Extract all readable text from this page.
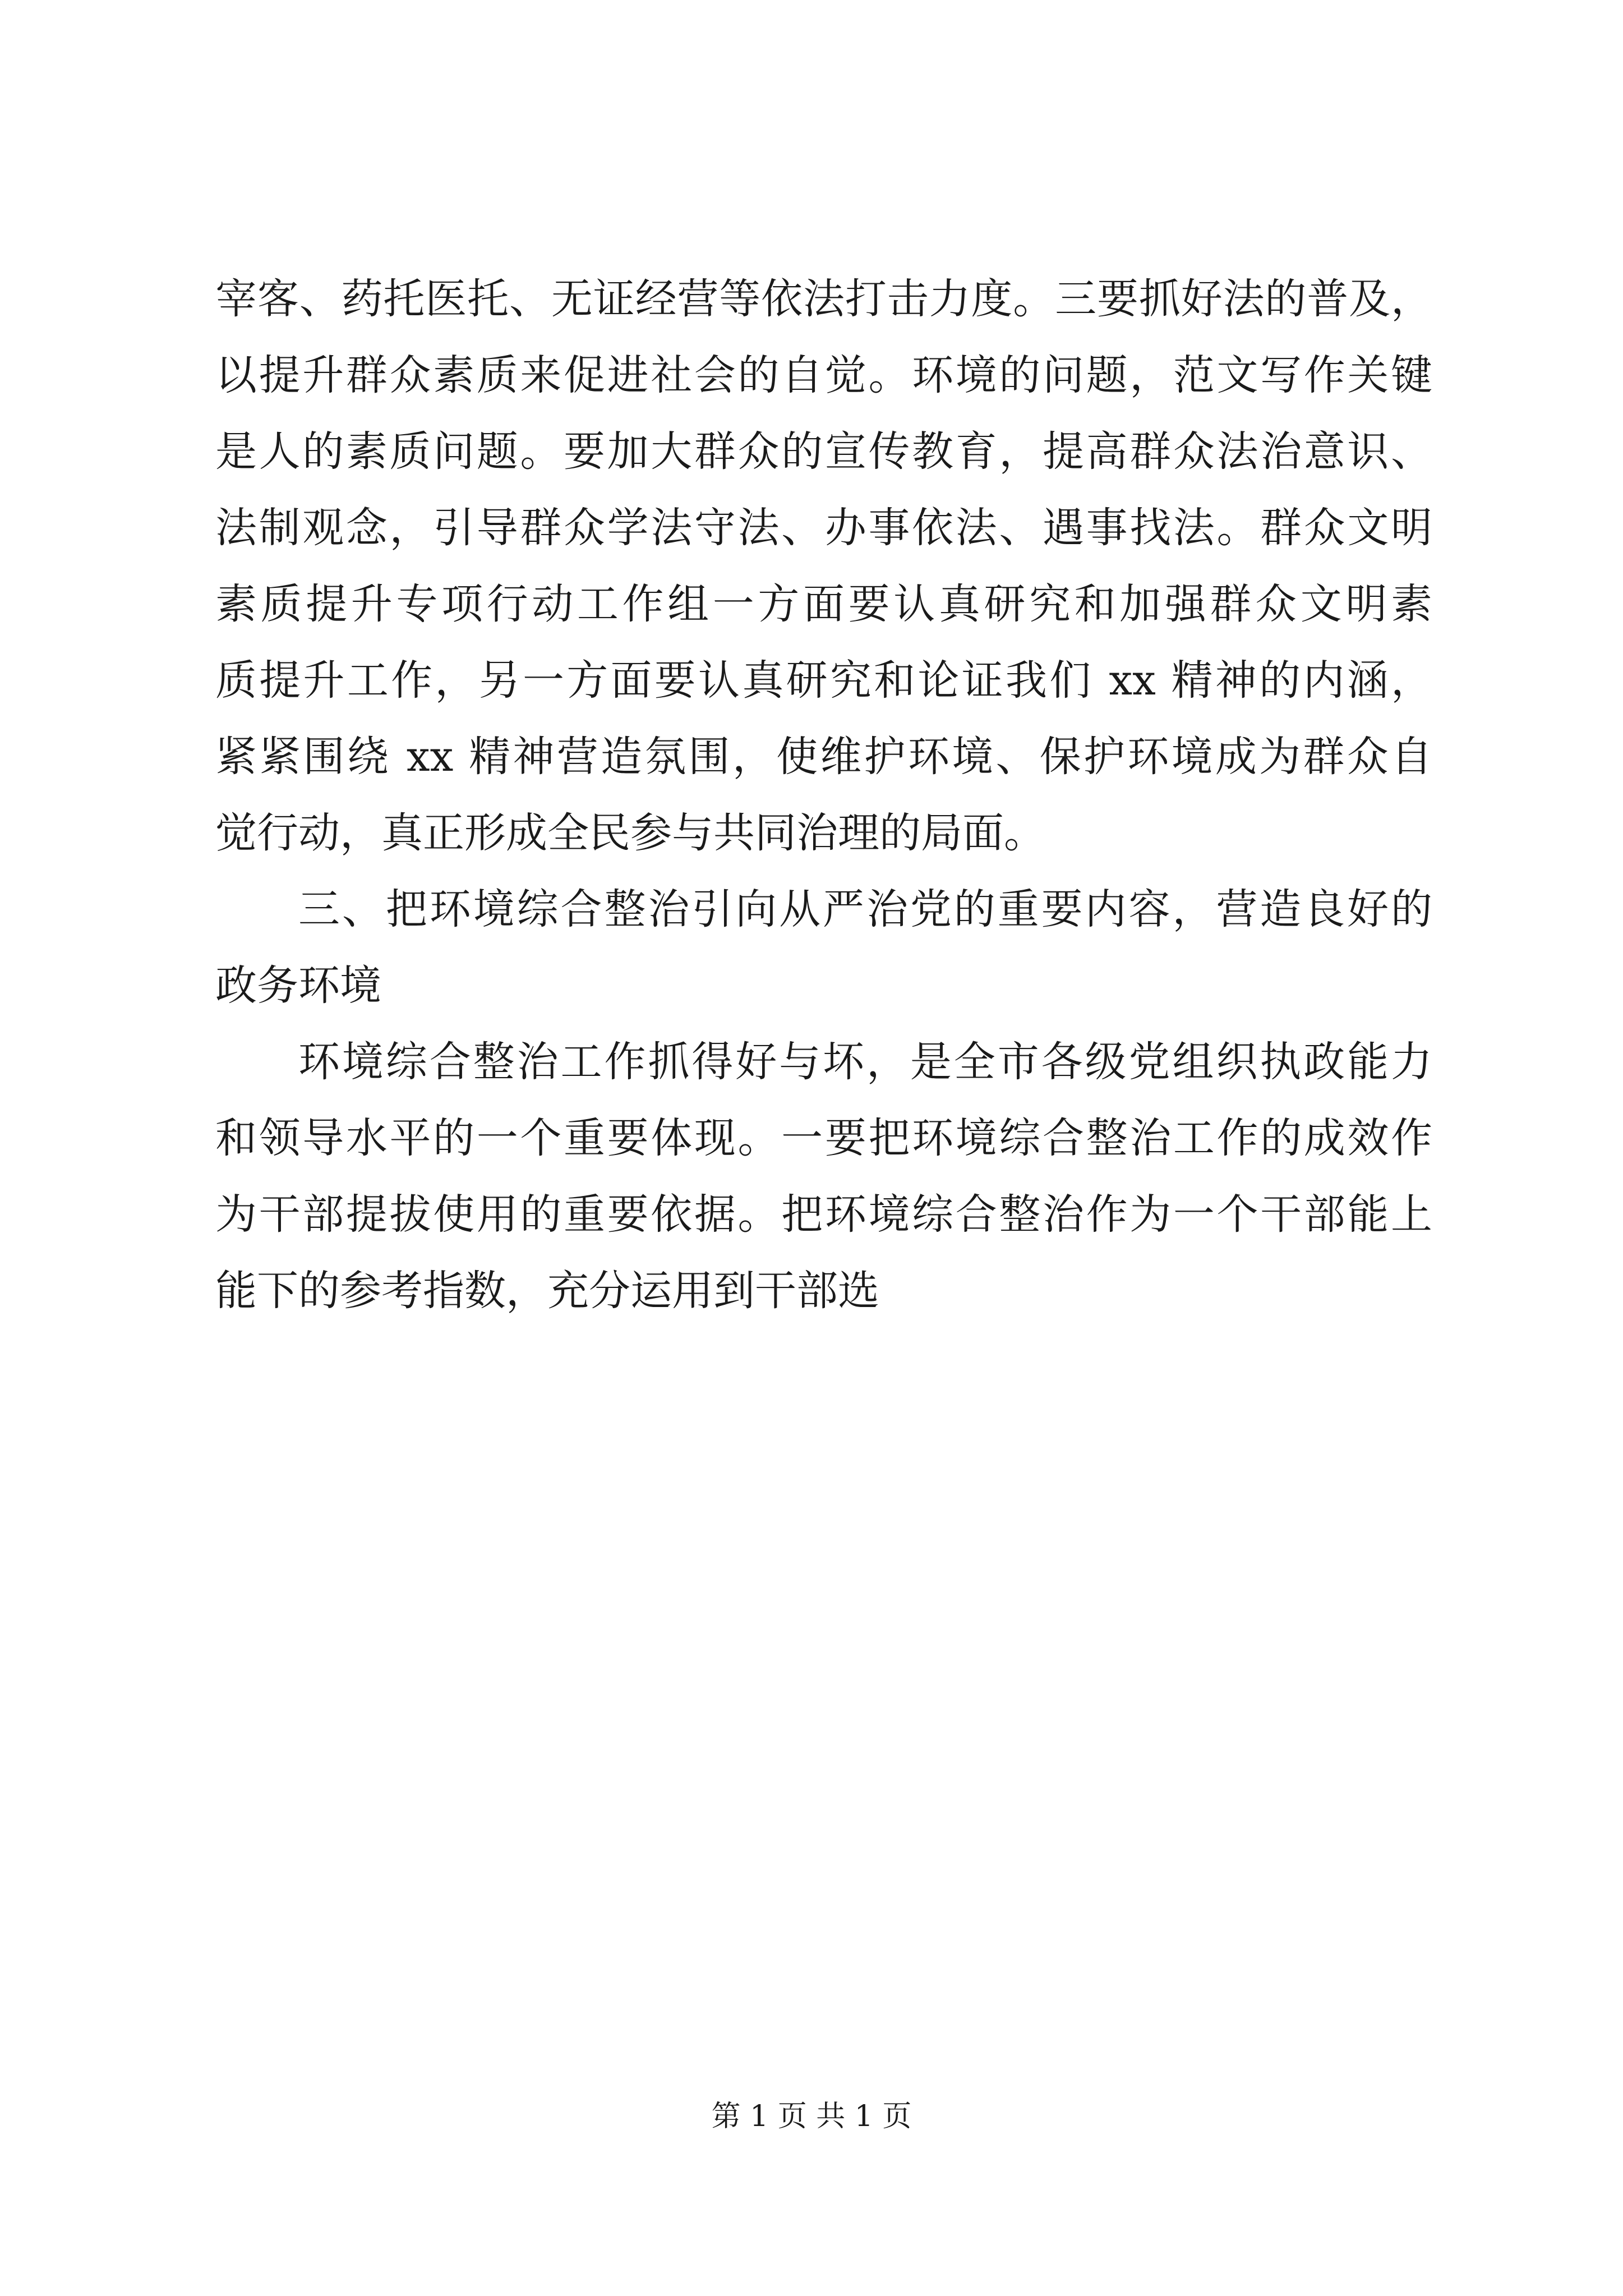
宰客、药托医托、无证经营等依法打击力度。三要抓好法的普及，
以提升群众素质来促进社会的自觉。环境的问题，范文写作关键
是人的素质问题。要加大群众的宣传教育，提高群众法治意识、
法制观念，引导群众学法守法、办事依法、遇事找法。群众文明
素质提升专项行动工作组一方面要认真研究和加强群众文明素
质提升工作，另一方面要认真研究和论证我们 xx 精神的内涵，
紧紧围绕 xx 精神营造氛围，使维护环境、保护环境成为群众自
觉行动，真正形成全民参与共同治理的局面。
三、把环境综合整治引向从严治党的重要内容，营造良好的
政务环境
环境综合整治工作抓得好与坏，是全市各级党组织执政能力
和领导水平的一个重要体现。一要把环境综合整治工作的成效作
为干部提拔使用的重要依据。把环境综合整治作为一个干部能上
能下的参考指数，充分运用到干部选
第 1 页 共 1 页
